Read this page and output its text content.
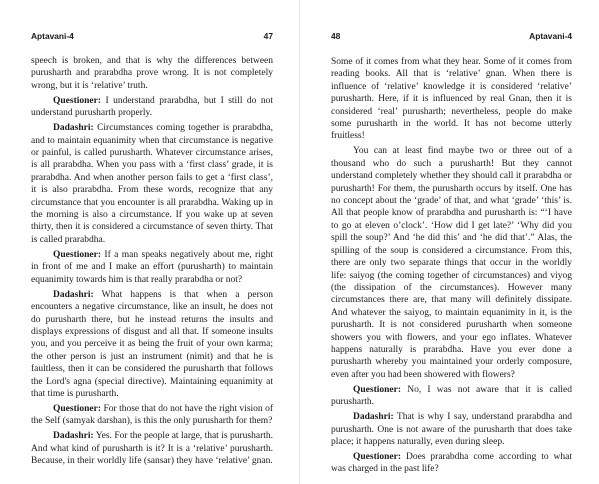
Aptavani-4	47

speech is broken, and that is why the differences between purusharth and prarabdha prove wrong. It is not completely wrong, but it is ‘relative’ truth.

Questioner: I understand prarabdha, but I still do not understand purusharth properly.

Dadashri: Circumstances coming together is prarabdha, and to maintain equanimity when that circumstance is negative or painful, is called purusharth. Whatever circumstance arises, is all prarabdha. When you pass with a ‘first class’ grade, it is prarabdha. And when another person fails to get a ‘first class’, it is also prarabdha. From these words, recognize that any circumstance that you encounter is all prarabdha. Waking up in the morning is also a circumstance. If you wake up at seven thirty, then it is considered a circumstance of seven thirty. That is called prarabdha.

Questioner: If a man speaks negatively about me, right in front of me and I make an effort (purusharth) to maintain equanimity towards him is that really prarabdha or not?

Dadashri: What happens is that when a person encounters a negative circumstance, like an insult, he does not do purusharth there, but he instead returns the insults and displays expressions of disgust and all that. If someone insults you, and you perceive it as being the fruit of your own karma; the other person is just an instrument (nimit) and that he is faultless, then it can be considered the purusharth that follows the Lord's agna (special directive). Maintaining equanimity at that time is purusharth.

Questioner: For those that do not have the right vision of the Self (samyak darshan), is this the only purusharth for them?

Dadashri: Yes. For the people at large, that is purusharth. And what kind of purusharth is it? It is a ‘relative’ purusharth. Because, in their worldly life (sansar) they have ‘relative’ gnan.

48	Aptavani-4

Some of it comes from what they hear. Some of it comes from reading books. All that is ‘relative’ gnan. When there is influence of ‘relative’ knowledge it is considered ‘relative’ purusharth. Here, if it is influenced by real Gnan, then it is considered ‘real’ purusharth; nevertheless, people do make some purusharth in the world. It has not become utterly fruitless!

You can at least find maybe two or three out of a thousand who do such a purusharth! But they cannot understand completely whether they should call it prarabdha or purusharth! For them, the purusharth occurs by itself. One has no concept about the ‘grade’ of that, and what ‘grade’ ‘this’ is. All that people know of prarabdha and purusharth is: “‘I have to go at eleven o’clock’. ‘How did I get late?’ ‘Why did you spill the soup?’ And ‘he did this’ and ‘he did that’.” Alas, the spilling of the soup is considered a circumstance. From this, there are only two separate things that occur in the worldly life: saiyog (the coming together of circumstances) and viyog (the dissipation of the circumstances). However many circumstances there are, that many will definitely dissipate. And whatever the saiyog, to maintain equanimity in it, is the purusharth. It is not considered purusharth when someone showers you with flowers, and your ego inflates. Whatever happens naturally is prarabdha. Have you ever done a purusharth whereby you maintained your orderly composure, even after you had been showered with flowers?

Questioner: No, I was not aware that it is called purusharth.

Dadashri: That is why I say, understand prarabdha and purusharth. One is not aware of the purusharth that does take place; it happens naturally, even during sleep.

Questioner: Does prarabdha come according to what was charged in the past life?
